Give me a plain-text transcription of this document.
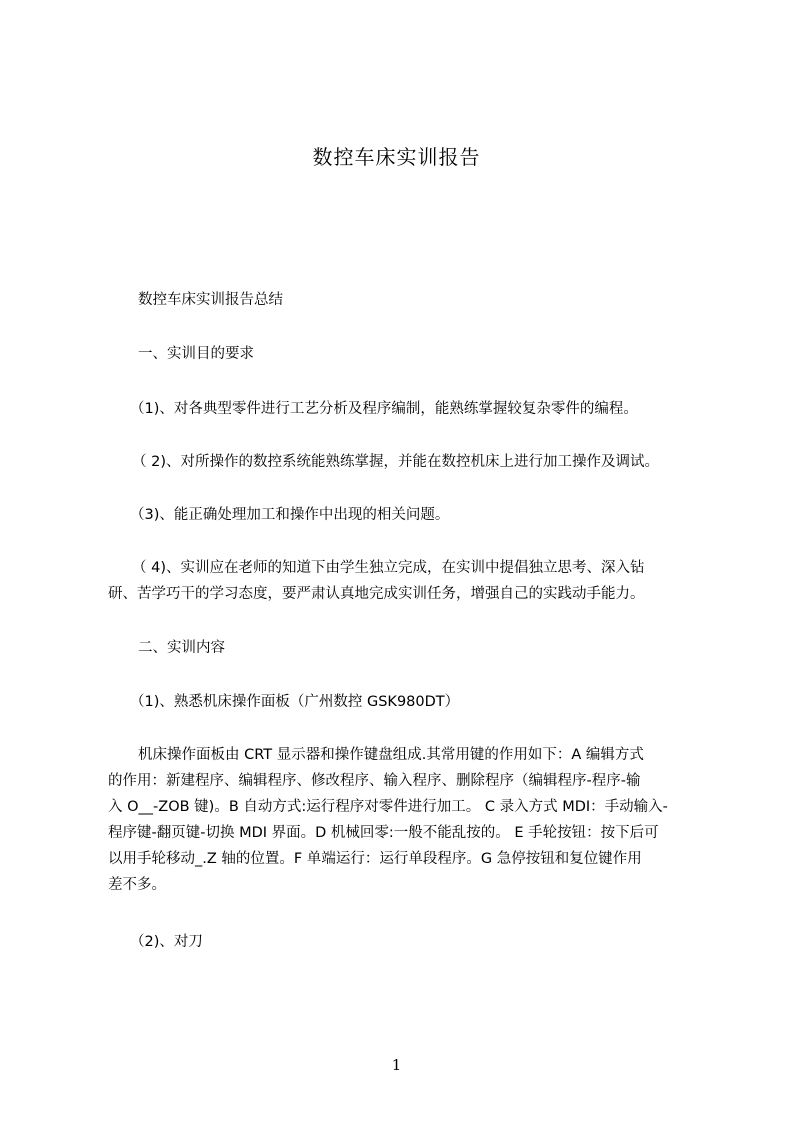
数控车床实训报告
数控车床实训报告总结
一、实训目的要求
（1)、对各典型零件进行工艺分析及程序编制，能熟练掌握较复杂零件的编程。
（ 2)、对所操作的数控系统能熟练掌握，并能在数控机床上进行加工操作及调试。
（3)、能正确处理加工和操作中出现的相关问题。
（ 4)、实训应在老师的知道下由学生独立完成，在实训中提倡独立思考、深入钻
研、苦学巧干的学习态度，要严肃认真地完成实训任务，增强自己的实践动手能力。
二、实训内容
（1)、熟悉机床操作面板（广州数控 GSK980DT）
机床操作面板由 CRT 显示器和操作键盘组成.其常用键的作用如下：A 编辑方式
的作用：新建程序、编辑程序、修改程序、输入程序、删除程序（编辑程序-程序-输
入 O__-ZOB 键)。B 自动方式:运行程序对零件进行加工。 C 录入方式 MDI：手动输入-
程序键-翻页键-切换 MDI 界面。D 机械回零:一般不能乱按的。 E 手轮按钮：按下后可
以用手轮移动_.Z 轴的位置。F 单端运行：运行单段程序。G 急停按钮和复位键作用
差不多。
（2)、对刀
1
